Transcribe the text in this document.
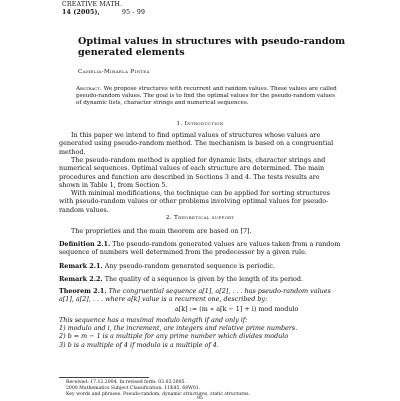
CREATIVE MATH.
14 (2005),	95 - 99
Optimal values in structures with pseudo-random generated elements
Camelia-Mihaela Pintea
Abstract. We propose structures with recurrent and random values. These values are called pseudo-random values. The goal is to find the optimal values for the pseudo-random values of dynamic lists, character strings and numerical sequences.
1. Introduction
In this paper we intend to find optimal values of structures whose values are generated using pseudo-random method. The mechanism is based on a congruential method.
The pseudo-random method is applied for dynamic lists, character strings and numerical sequences. Optimal values of each structure are determined. The main procedures and function are described in Sections 3 and 4. The tests results are shown in Table 1, from Section 5.
With minimal modifications, the technique can be applied for sorting structures with pseudo-random values or other problems involving optimal values for pseudo-random values.
2. Theoretical support
The proprieties and the main theorem are based on [7].
Definition 2.1. The pseudo-random generated values are values taken from a random sequence of numbers well determined from the predecessor by a given rule.
Remark 2.1. Any pseudo-random generated sequence is periodic.
Remark 2.2. The quality of a sequence is given by the length of its period.
Theorem 2.1. The congruential sequence a[1], a[2], . . . has pseudo-random values a[1], a[2], . . . where a[k] value is a recurrent one, described by:
a[k] := (m ∗ a[k − 1] + i) mod modulo
This sequence has a maximal modulo length if and only if:
1) modulo and i, the increment, are integers and relative prime numbers.
2) b = m − 1 is a multiple for any prime number which divides modulo
3) b is a multiple of 4 if modulo is a multiple of 4.
Received: 17.12.2004. In revised form: 03.03.2005.
2000 Mathematics Subject Classification. 11K45, 68W01.
Key words and phrases. Pseudo-random, dynamic structures, static structures.
95
